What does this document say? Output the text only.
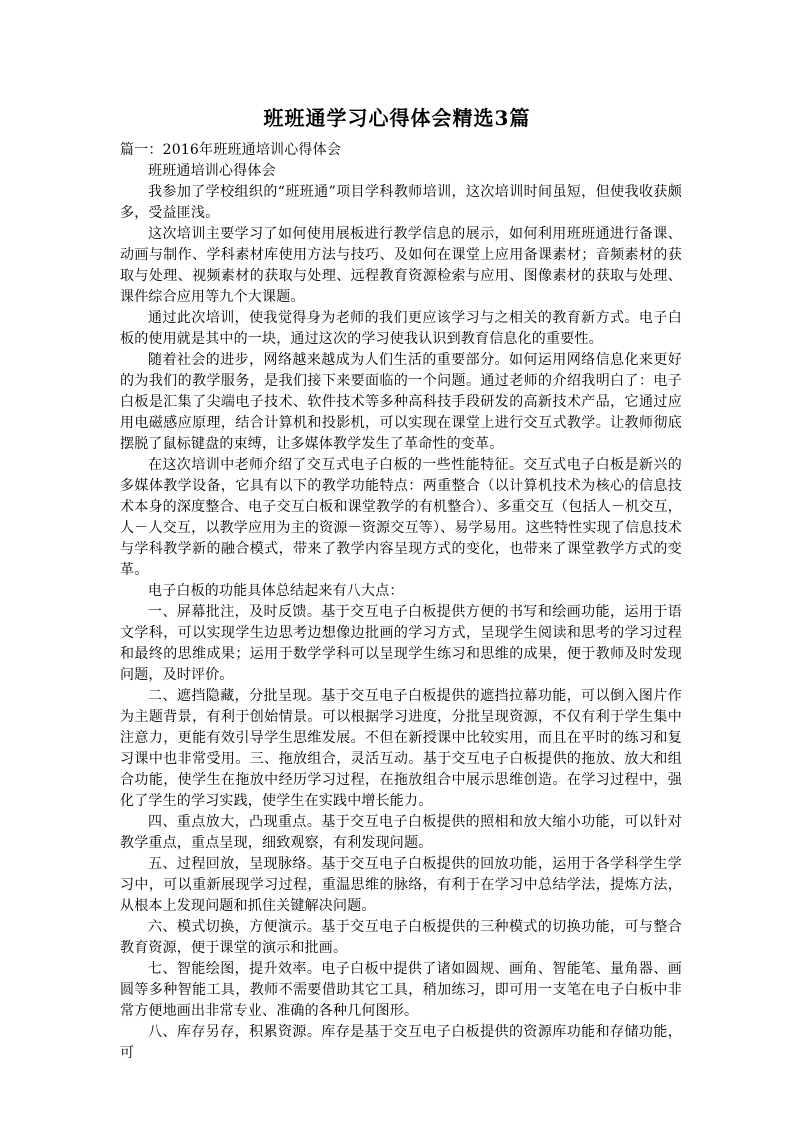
班班通学习心得体会精选3篇

篇一：2016年班班通培训心得体会

班班通培训心得体会

我参加了学校组织的“班班通”项目学科教师培训，这次培训时间虽短，但使我收获颇多，受益匪浅。

这次培训主要学习了如何使用展板进行教学信息的展示，如何利用班班通进行备课、动画与制作、学科素材库使用方法与技巧、及如何在课堂上应用备课素材；音频素材的获取与处理、视频素材的获取与处理、远程教育资源检索与应用、图像素材的获取与处理、课件综合应用等九个大课题。

通过此次培训，使我觉得身为老师的我们更应该学习与之相关的教育新方式。电子白板的使用就是其中的一块，通过这次的学习使我认识到教育信息化的重要性。

随着社会的进步，网络越来越成为人们生活的重要部分。如何运用网络信息化来更好的为我们的教学服务，是我们接下来要面临的一个问题。通过老师的介绍我明白了：电子白板是汇集了尖端电子技术、软件技术等多种高科技手段研发的高新技术产品，它通过应用电磁感应原理，结合计算机和投影机，可以实现在课堂上进行交互式教学。让教师彻底摆脱了鼠标键盘的束缚，让多媒体教学发生了革命性的变革。

在这次培训中老师介绍了交互式电子白板的一些性能特征。交互式电子白板是新兴的多媒体教学设备，它具有以下的教学功能特点：两重整合（以计算机技术为核心的信息技术本身的深度整合、电子交互白板和课堂教学的有机整合）、多重交互（包括人－机交互，人－人交互，以教学应用为主的资源－资源交互等）、易学易用。这些特性实现了信息技术与学科教学新的融合模式，带来了教学内容呈现方式的变化，也带来了课堂教学方式的变革。

电子白板的功能具体总结起来有八大点：

一、屏幕批注，及时反馈。基于交互电子白板提供方便的书写和绘画功能，运用于语文学科，可以实现学生边思考边想像边批画的学习方式，呈现学生阅读和思考的学习过程和最终的思维成果；运用于数学学科可以呈现学生练习和思维的成果，便于教师及时发现问题，及时评价。

二、遮挡隐藏，分批呈现。基于交互电子白板提供的遮挡拉幕功能，可以倒入图片作为主题背景，有利于创始情景。可以根据学习进度，分批呈现资源，不仅有利于学生集中注意力，更能有效引导学生思维发展。不但在新授课中比较实用，而且在平时的练习和复习课中也非常受用。三、拖放组合，灵活互动。基于交互电子白板提供的拖放、放大和组合功能，使学生在拖放中经历学习过程，在拖放组合中展示思维创造。在学习过程中，强化了学生的学习实践，使学生在实践中增长能力。

四、重点放大，凸现重点。基于交互电子白板提供的照相和放大缩小功能，可以针对教学重点，重点呈现，细致观察，有利发现问题。

五、过程回放，呈现脉络。基于交互电子白板提供的回放功能，运用于各学科学生学习中，可以重新展现学习过程，重温思维的脉络，有利于在学习中总结学法，提炼方法，从根本上发现问题和抓住关键解决问题。

六、模式切换，方便演示。基于交互电子白板提供的三种模式的切换功能，可与整合教育资源，便于课堂的演示和批画。

七、智能绘图，提升效率。电子白板中提供了诸如圆规、画角、智能笔、量角器、画圆等多种智能工具，教师不需要借助其它工具，稍加练习，即可用一支笔在电子白板中非常方便地画出非常专业、准确的各种几何图形。

八、库存另存，积累资源。库存是基于交互电子白板提供的资源库功能和存储功能，可
